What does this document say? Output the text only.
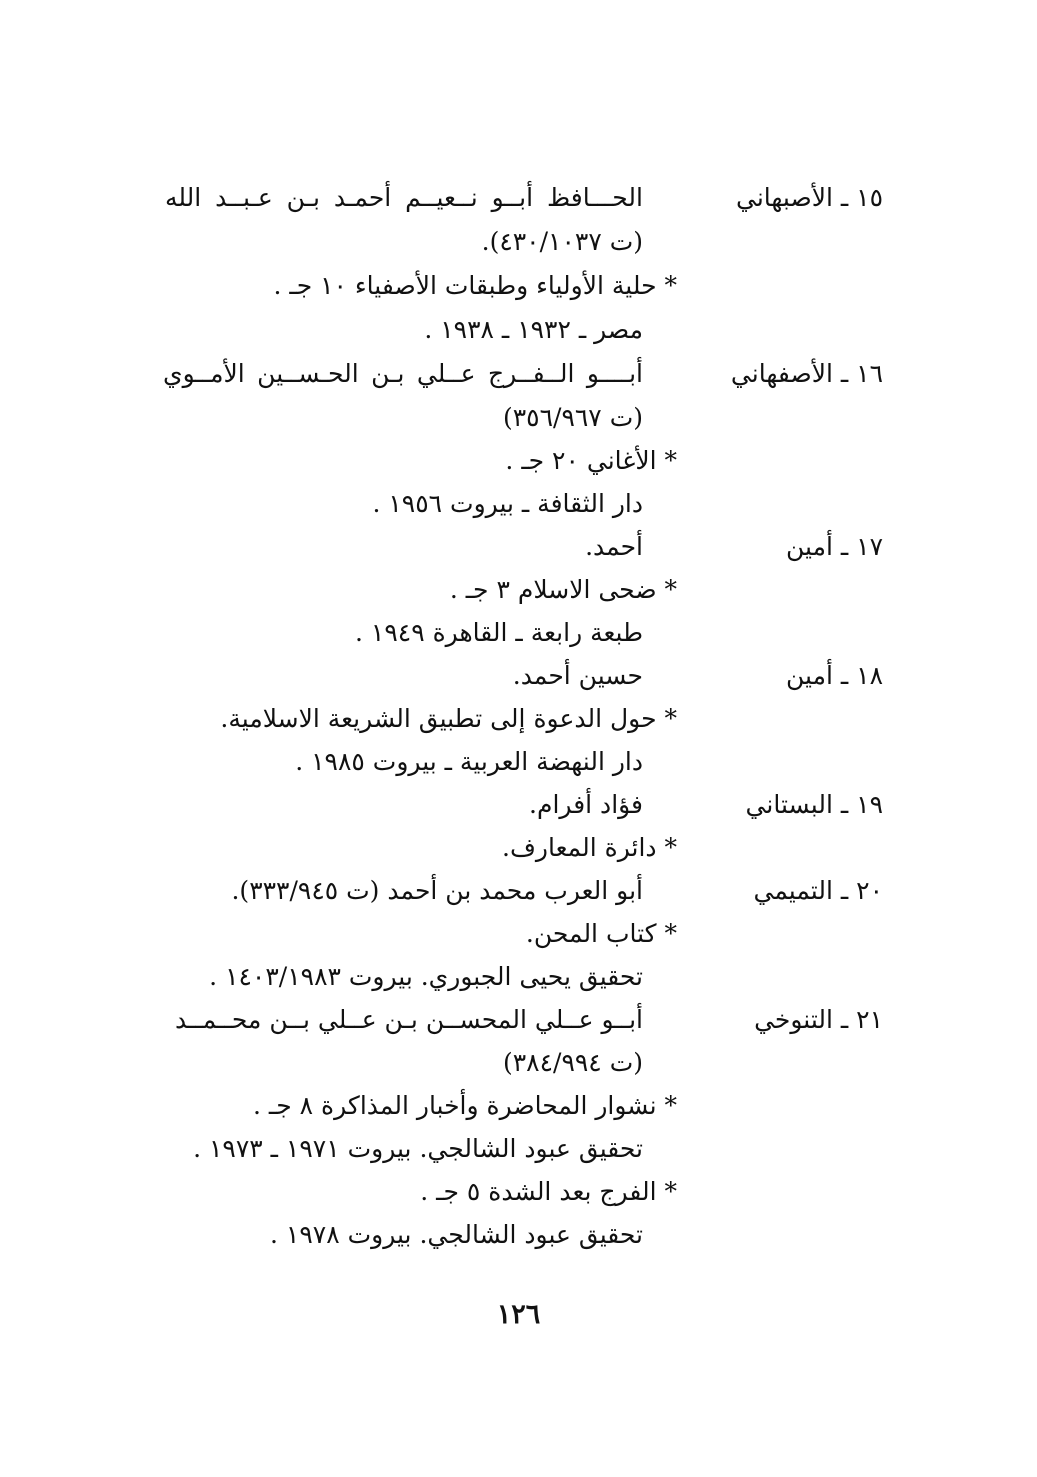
١٥ ـ الأصبهاني
الحـــافظ أبــو نــعيــم أحمـد بـن عـبــد الله
(ت ٤٣٠/١٠٣٧).
* حلية الأولياء وطبقات الأصفياء ١٠ جـ .
مصر ـ ١٩٣٢ ـ ١٩٣٨ .
١٦ ـ الأصفهاني
أبــــو الــفــرج عــلي بـن الحـســين الأمــوي
(ت ٣٥٦/٩٦٧)
* الأغاني ٢٠ جـ .
دار الثقافة ـ بيروت ١٩٥٦ .
١٧ ـ أمين
أحمد.
* ضحى الاسلام ٣ جـ .
طبعة رابعة ـ القاهرة ١٩٤٩ .
١٨ ـ أمين
حسين أحمد.
* حول الدعوة إلى تطبيق الشريعة الاسلامية.
دار النهضة العربية ـ بيروت ١٩٨٥ .
١٩ ـ البستاني
فؤاد أفرام.
* دائرة المعارف.
٢٠ ـ التميمي
أبو العرب محمد بن أحمد (ت ٣٣٣/٩٤٥).
* كتاب المحن.
تحقيق يحيى الجبوري. بيروت ١٤٠٣/١٩٨٣ .
٢١ ـ التنوخي
أبــو عــلي المحســن بـن عــلي بــن محــمــد
(ت ٣٨٤/٩٩٤)
* نشوار المحاضرة وأخبار المذاكرة ٨ جـ .
تحقيق عبود الشالجي. بيروت ١٩٧١ ـ ١٩٧٣ .
* الفرج بعد الشدة ٥ جـ .
تحقيق عبود الشالجي. بيروت ١٩٧٨ .
١٢٦
